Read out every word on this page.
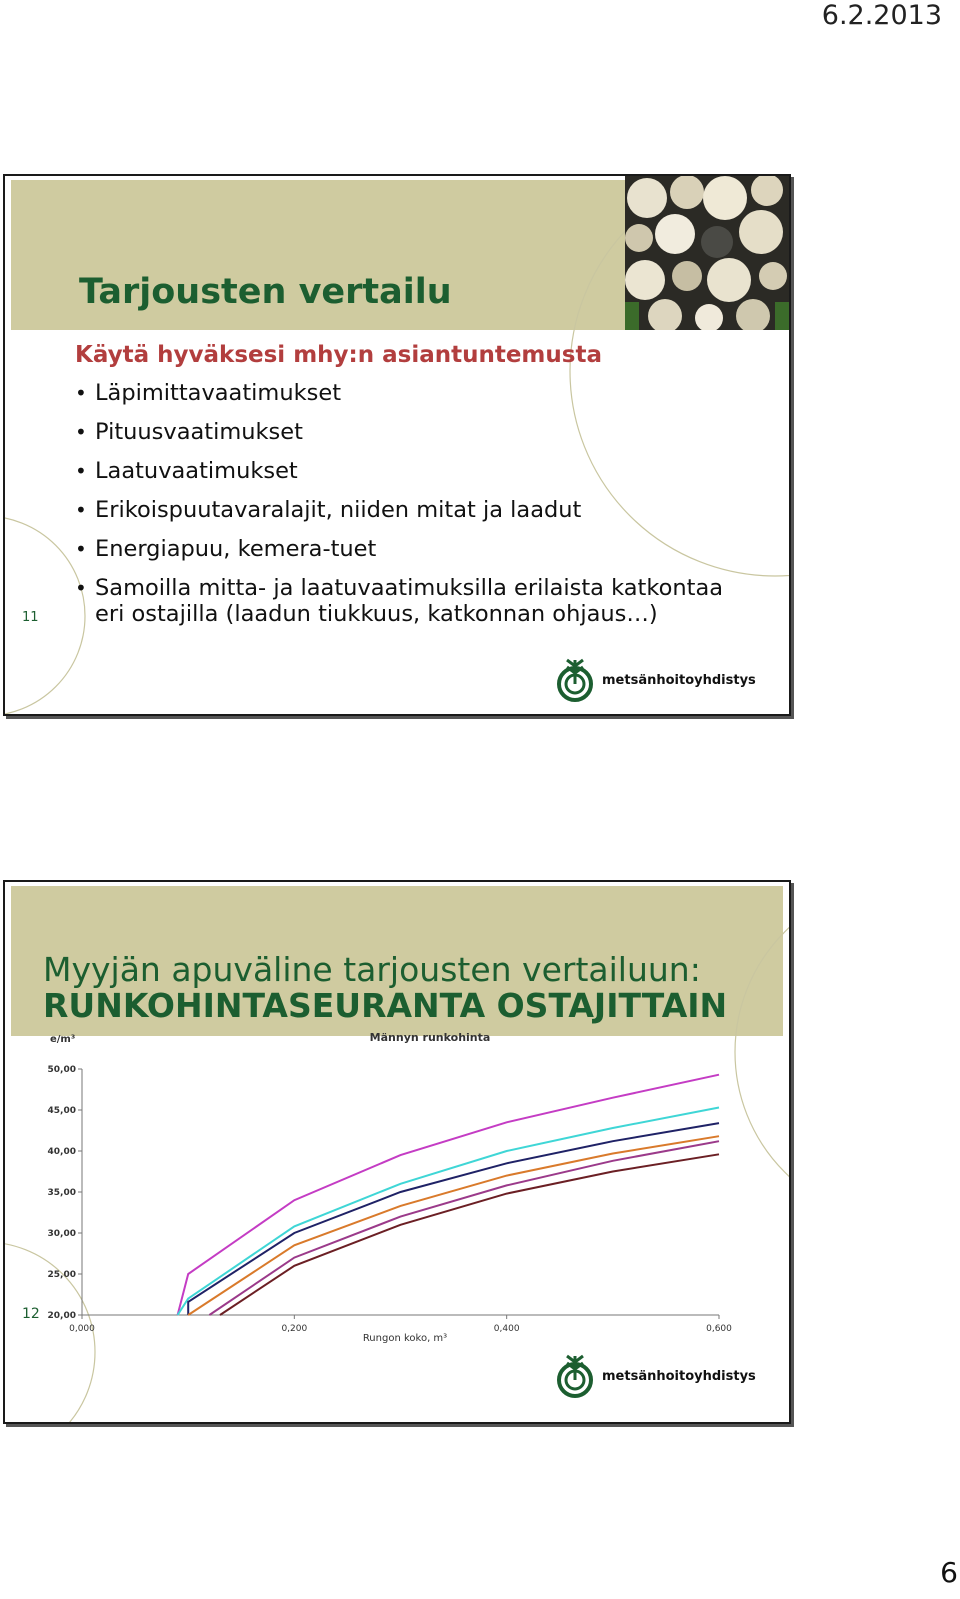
6.2.2013
Tarjousten vertailu
Käytä hyväksesi mhy:n asiantuntemusta
• Läpimittavaatimukset
• Pituusvaatimukset
• Laatuvaatimukset
• Erikoispuutavaralajit, niiden mitat ja laadut
• Energiapuu, kemera-tuet
• Samoilla mitta- ja laatuvaatimuksilla erilaista katkontaa eri ostajilla (laadun tiukkuus, katkonnan ohjaus…)
11
metsänhoitoyhdistys
Myyjän apuväline tarjousten vertailuun:
RUNKOHINTASEURANTA OSTAJITTAIN
Männyn runkohinta
e/m³
Rungon koko, m³
20,00
25,00
30,00
35,00
40,00
45,00
50,00
0,000	0,200	0,400	0,600
12
metsänhoitoyhdistys
6
